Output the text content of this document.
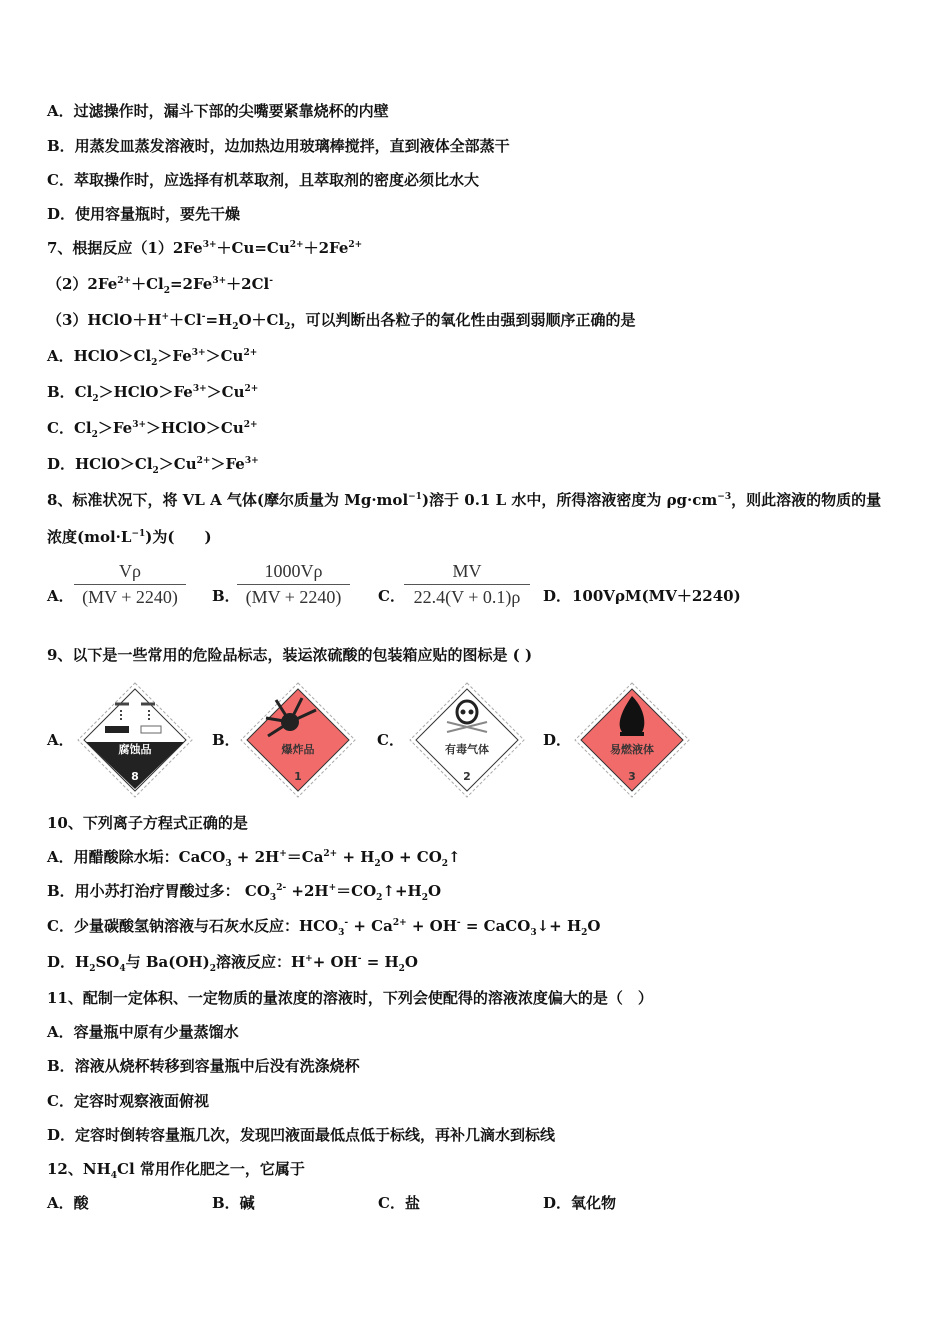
A． $\frac{V\rho}{(MV + 2240)}$ B． $\frac{1000V\rho}{(MV + 2240)}$ C． $\frac{MV}{22.4(V + 0.1)\rho}$ D． 100VρM(MV＋2240)
A．酸	B．碱	C．盐	D．氧化物
A．过滤操作时，漏斗下部的尖嘴要紧靠烧杯的内壁
B．用蒸发皿蒸发溶液时，边加热边用玻璃棒搅拌，直到液体全部蒸干
C．萃取操作时，应选择有机萃取剂，且萃取剂的密度必须比水大
D．使用容量瓶时，要先干燥
7、根据反应$(1)2Fe^{3+}+Cu=Cu^{2+}+2Fe^{2+}$
$(2)2Fe^{2+}+Cl_2=2Fe^{3+}+2Cl^-$
$(3)HClO+H^++Cl^-=H_2O+Cl_2$，可以判断出各粒子的氧化性由强到弱顺序正确的是
A．$HClO>Cl_2>Fe^{3+}>Cu^{2+}$
B．$Cl_2>HClO>Fe^{3+}>Cu^{2+}$
C．$Cl_2>Fe^{3+}>HClO>Cu^{2+}$
D．$HClO>Cl_2>Cu^{2+}>Fe^{3+}$
8、标准状况下，将 VL A 气体(摩尔质量为 Mg·mol$^{-1}$)溶于 0.1 L 水中，所得溶液密度为 $\rho g\cdot cm^{-3}$，则此溶液的物质的量
浓度$(mol\cdot L^{-1})$为(　　)
9、以下是一些常用的危险品标志，装运浓硫酸的包装箱应贴的图标是 ( )
10、下列离子方程式正确的是
A．用醋酸除水垢：CaCO$_3$ + $2H^+=Ca^{2+} + H_2O$ + $CO_2↑$
B．用小苏打治疗胃酸过多： $CO_3^{2-}$ $+2H^+=CO_2↑+H_2O$
C．少量碳酸氢钠溶液与石灰水反应：$HCO_3^- + Ca^{2+} + OH^-$ = CaCO$_3$↓+ $H_2O$
D．$H_2SO_4$与 $Ba(OH)_2$溶液反应：$H^++ OH^- = H_2O$
11、配制一定体积、一定物质的量浓度的溶液时，下列会使配得的溶液浓度偏大的是（　）
A．容量瓶中原有少量蒸馏水
B．溶液从烧杯转移到容量瓶中后没有洗涤烧杯
C．定容时观察液面俯视
D．定容时倒转容量瓶几次，发现凹液面最低点低于标线，再补几滴水到标线
12、$NH_4Cl$ 常用作化肥之一，它属于
A．
腐蚀品
8
B．
爆炸品
1
C．
有毒气体
2
D．
易燃液体
3
